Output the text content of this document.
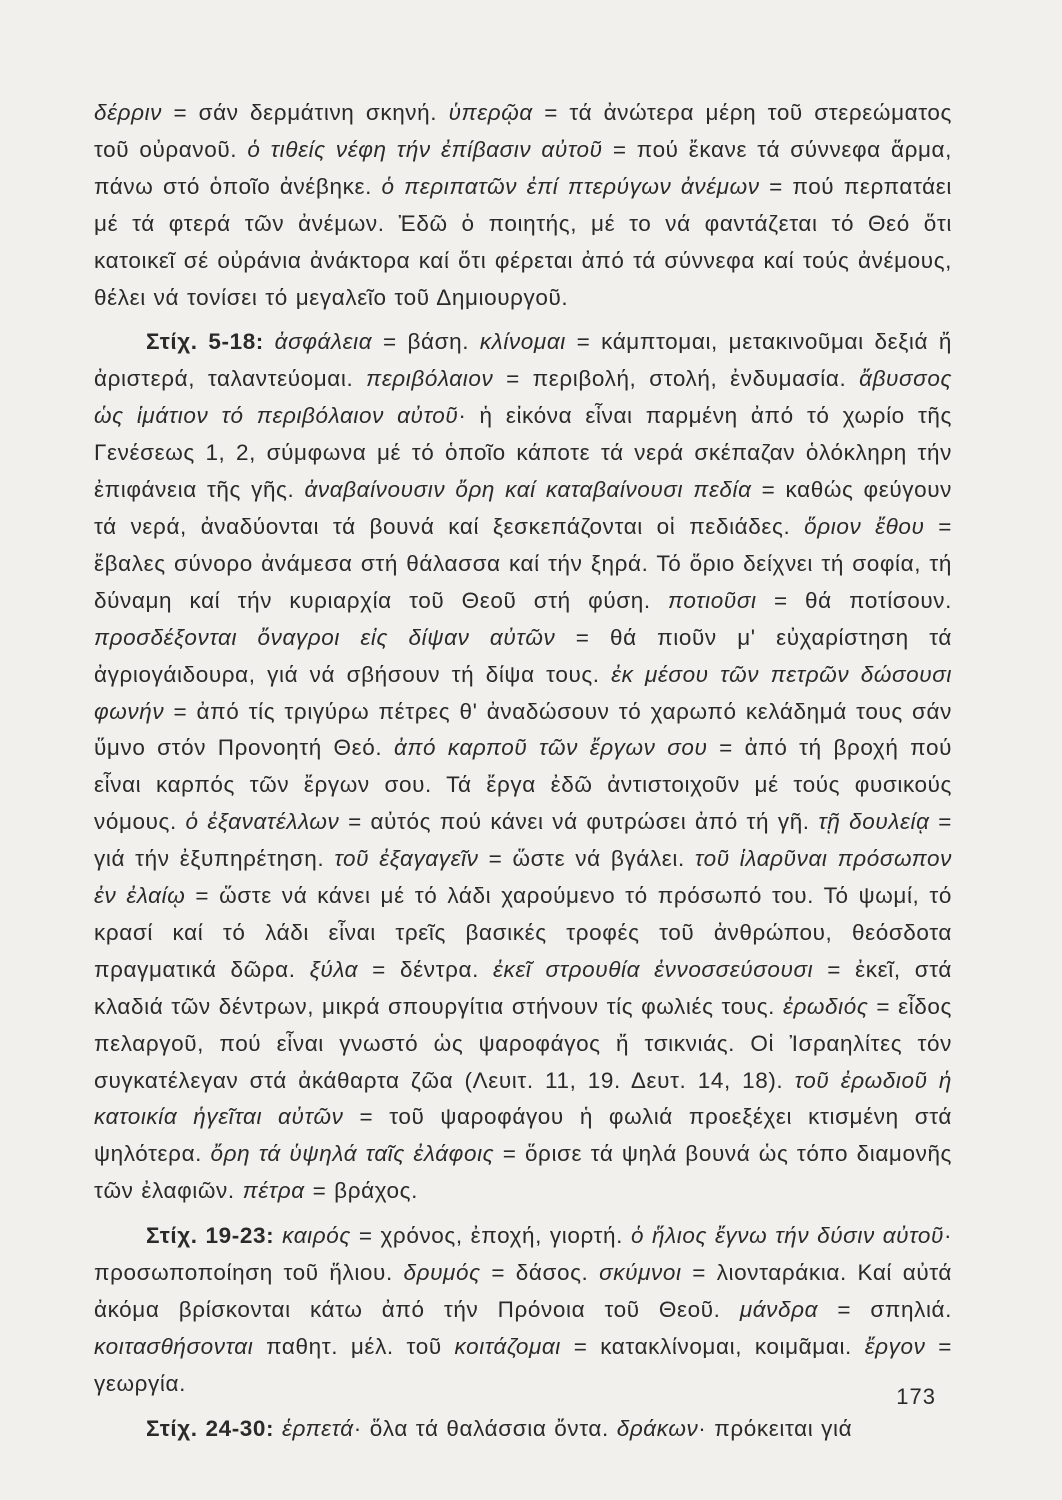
δέρριν = σάν δερμάτινη σκηνή. ὑπερῷα = τά ἀνώτερα μέρη τοῦ στερεώματος τοῦ οὐρανοῦ. ὁ τιθείς νέφη τήν ἐπίβασιν αὐτοῦ = πού ἔκανε τά σύννεφα ἅρμα, πάνω στό ὁποῖο ἀνέβηκε. ὁ περιπατῶν ἐπί πτερύγων ἀνέμων = πού περπατάει μέ τά φτερά τῶν ἀνέμων. Ἐδῶ ὁ ποιητής, μέ το νά φαντάζεται τό Θεό ὅτι κατοικεῖ σέ οὐράνια ἀνάκτορα καί ὅτι φέρεται ἀπό τά σύννεφα καί τούς ἀνέμους, θέλει νά τονίσει τό μεγαλεῖο τοῦ Δημιουργοῦ.

Στίχ. 5-18: ἀσφάλεια = βάση. κλίνομαι = κάμπτομαι, μετακινοῦμαι δεξιά ἤ ἀριστερά, ταλαντεύομαι. περιβόλαιον = περιβολή, στολή, ἐνδυμασία. ἄβυσσος ὡς ἱμάτιον τό περιβόλαιον αὐτοῦ· ἡ εἰκόνα εἶναι παρμένη ἀπό τό χωρίο τῆς Γενέσεως 1, 2, σύμφωνα μέ τό ὁποῖο κάποτε τά νερά σκέπαζαν ὁλόκληρη τήν ἐπιφάνεια τῆς γῆς. ἀναβαίνουσιν ὄρη καί καταβαίνουσι πεδία = καθώς φεύγουν τά νερά, ἀναδύονται τά βουνά καί ξεσκεπάζονται οἱ πεδιάδες. ὅριον ἔθου = ἔβαλες σύνορο ἀνάμεσα στή θάλασσα καί τήν ξηρά. Τό ὅριο δείχνει τή σοφία, τή δύναμη καί τήν κυριαρχία τοῦ Θεοῦ στή φύση. ποτιοῦσι = θά ποτίσουν. προσδέξονται ὄναγροι εἰς δίψαν αὐτῶν = θά πιοῦν μ' εὐχαρίστηση τά ἀγριογάιδουρα, γιά νά σβήσουν τή δίψα τους. ἐκ μέσου τῶν πετρῶν δώσουσι φωνήν = ἀπό τίς τριγύρω πέτρες θ' ἀναδώσουν τό χαρωπό κελάδημά τους σάν ὕμνο στόν Προνοητή Θεό. ἀπό καρποῦ τῶν ἔργων σου = ἀπό τή βροχή πού εἶναι καρπός τῶν ἔργων σου. Τά ἔργα ἐδῶ ἀντιστοιχοῦν μέ τούς φυσικούς νόμους. ὁ ἐξανατέλλων = αὐτός πού κάνει νά φυτρώσει ἀπό τή γῆ. τῇ δουλείᾳ = γιά τήν ἐξυπηρέτηση. τοῦ ἐξαγαγεῖν = ὥστε νά βγάλει. τοῦ ἱλαρῦναι πρόσωπον ἐν ἐλαίῳ = ὥστε νά κάνει μέ τό λάδι χαρούμενο τό πρόσωπό του. Τό ψωμί, τό κρασί καί τό λάδι εἶναι τρεῖς βασικές τροφές τοῦ ἀνθρώπου, θεόσδοτα πραγματικά δῶρα. ξύλα = δέντρα. ἐκεῖ στρουθία ἐννοσσεύσουσι = ἐκεῖ, στά κλαδιά τῶν δέντρων, μικρά σπουργίτια στήνουν τίς φωλιές τους. ἐρωδιός = εἶδος πελαργοῦ, πού εἶναι γνωστό ὡς ψαροφάγος ἤ τσικνιάς. Οἱ Ἰσραηλίτες τόν συγκατέλεγαν στά ἀκάθαρτα ζῶα (Λευιτ. 11, 19. Δευτ. 14, 18). τοῦ ἐρωδιοῦ ἡ κατοικία ἡγεῖται αὐτῶν = τοῦ ψαροφάγου ἡ φωλιά προεξέχει κτισμένη στά ψηλότερα. ὄρη τά ὑψηλά ταῖς ἐλάφοις = ὅρισε τά ψηλά βουνά ὡς τόπο διαμονῆς τῶν ἐλαφιῶν. πέτρα = βράχος.

Στίχ. 19-23: καιρός = χρόνος, ἐποχή, γιορτή. ὁ ἥλιος ἔγνω τήν δύσιν αὐτοῦ· προσωποποίηση τοῦ ἥλιου. δρυμός = δάσος. σκύμνοι = λιονταράκια. Καί αὐτά ἀκόμα βρίσκονται κάτω ἀπό τήν Πρόνοια τοῦ Θεοῦ. μάνδρα = σπηλιά. κοιτασθήσονται παθητ. μέλ. τοῦ κοιτάζομαι = κατακλίνομαι, κοιμᾶμαι. ἔργον = γεωργία.

Στίχ. 24-30: ἑρπετά· ὅλα τά θαλάσσια ὄντα. δράκων· πρόκειται γιά

173
